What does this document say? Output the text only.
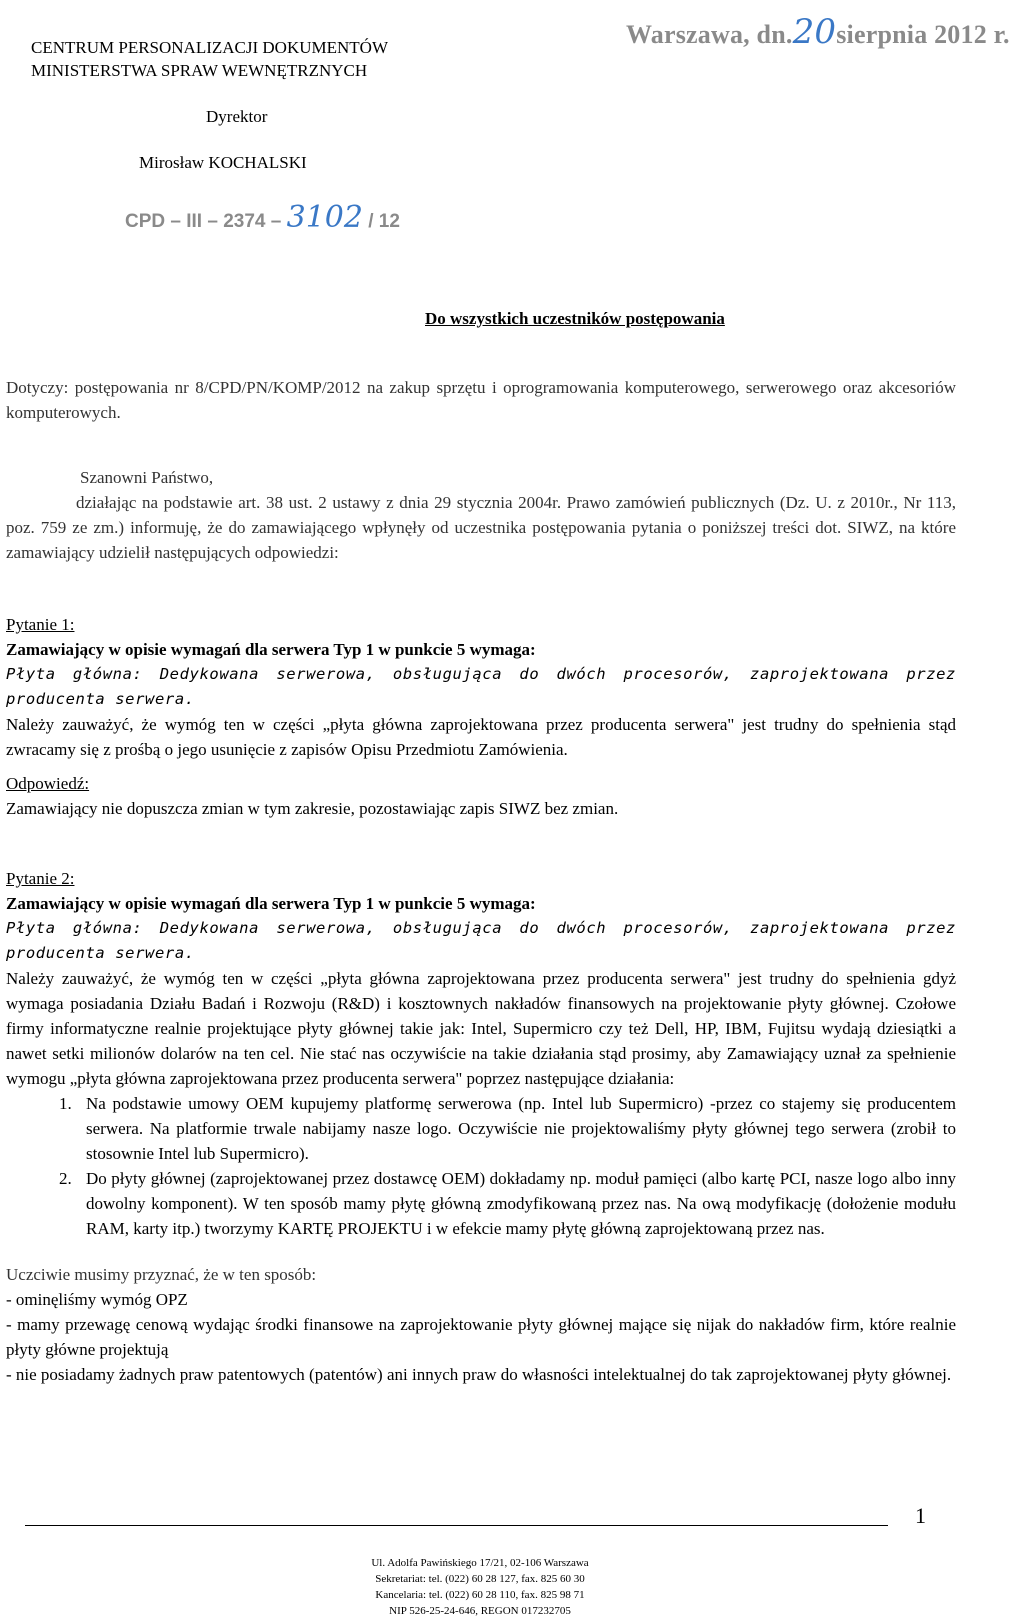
CENTRUM PERSONALIZACJI DOKUMENTÓW
MINISTERSTWA SPRAW WEWNĘTRZNYCH
Dyrektor
Mirosław KOCHALSKI
CPD – III – 2374 – 3102 / 12
Warszawa, dn.20sierpnia 2012 r.
Do wszystkich uczestników postępowania

Dotyczy: postępowania nr 8/CPD/PN/KOMP/2012 na zakup sprzętu i oprogramowania komputerowego, serwerowego oraz akcesoriów komputerowych.

Szanowni Państwo,

działając na podstawie art. 38 ust. 2 ustawy z dnia 29 stycznia 2004r. Prawo zamówień publicznych (Dz. U. z 2010r., Nr 113, poz. 759 ze zm.) informuję, że do zamawiającego wpłynęły od uczestnika postępowania pytania o poniższej treści dot. SIWZ, na które zamawiający udzielił następujących odpowiedzi:

Pytanie 1:

Zamawiający w opisie wymagań dla serwera Typ 1 w punkcie 5 wymaga:

Płyta główna: Dedykowana serwerowa, obsługująca do dwóch procesorów, zaprojektowana przez producenta serwera.

Należy zauważyć, że wymóg ten w części „płyta główna zaprojektowana przez producenta serwera" jest trudny do spełnienia stąd zwracamy się z prośbą o jego usunięcie z zapisów Opisu Przedmiotu Zamówienia.

Odpowiedź:

Zamawiający nie dopuszcza zmian w tym zakresie, pozostawiając zapis SIWZ bez zmian.

Pytanie 2:

Zamawiający w opisie wymagań dla serwera Typ 1 w punkcie 5 wymaga:

Płyta główna: Dedykowana serwerowa, obsługująca do dwóch procesorów, zaprojektowana przez producenta serwera.

Należy zauważyć, że wymóg ten w części „płyta główna zaprojektowana przez producenta serwera" jest trudny do spełnienia gdyż wymaga posiadania Działu Badań i Rozwoju (R&D) i kosztownych nakładów finansowych na projektowanie płyty głównej. Czołowe firmy informatyczne realnie projektujące płyty głównej takie jak: Intel, Supermicro czy też Dell, HP, IBM, Fujitsu wydają dziesiątki a nawet setki milionów dolarów na ten cel. Nie stać nas oczywiście na takie działania stąd prosimy, aby Zamawiający uznał za spełnienie wymogu „płyta główna zaprojektowana przez producenta serwera" poprzez następujące działania:

1. Na podstawie umowy OEM kupujemy platformę serwerowa (np. Intel lub Supermicro) -przez co stajemy się producentem serwera. Na platformie trwale nabijamy nasze logo. Oczywiście nie projektowaliśmy płyty głównej tego serwera (zrobił to stosownie Intel lub Supermicro).
2. Do płyty głównej (zaprojektowanej przez dostawcę OEM) dokładamy np. moduł pamięci (albo kartę PCI, nasze logo albo inny dowolny komponent). W ten sposób mamy płytę główną zmodyfikowaną przez nas. Na ową modyfikację (dołożenie modułu RAM, karty itp.) tworzymy KARTĘ PROJEKTU i w efekcie mamy płytę główną zaprojektowaną przez nas.

Uczciwie musimy przyznać, że w ten sposób:

- ominęliśmy wymóg OPZ

- mamy przewagę cenową wydając środki finansowe na zaprojektowanie płyty głównej mające się nijak do nakładów firm, które realnie płyty główne projektują

- nie posiadamy żadnych praw patentowych (patentów) ani innych praw do własności intelektualnej do tak zaprojektowanej płyty głównej.

1
Ul. Adolfa Pawińskiego 17/21, 02-106 Warszawa
Sekretariat: tel. (022) 60 28 127, fax. 825 60 30
Kancelaria: tel. (022) 60 28 110, fax. 825 98 71
NIP 526-25-24-646, REGON 017232705
